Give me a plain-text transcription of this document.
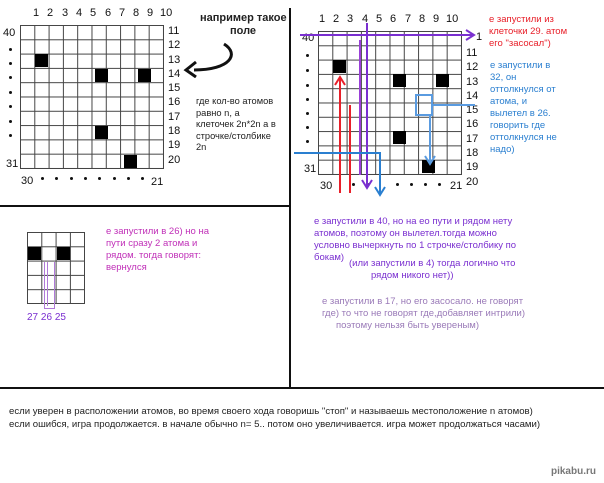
1 2 3 4 5 6 7 8 9 10
11
12
13
14
15
16
17
18
19
20
40
31
30	21
например такое
поле
где кол-во атомов
равно n, а
клеточек 2n*2n а в
строчке/столбике
2n
1 2 3 4 5 6 7 8 9 10
11
12
13
14
15
16
17
18
19
20
40
31
30	21
1
е запустили из
клеточки 29. атом
его "засосал")
е запустили в
32, он
оттолкнулся от
атома, и
вылетел в 26.
говорить где
оттолкнулся не
надо)
27 26 25
е запустили в 26) но на
пути сразу 2 атома и
рядом. тогда говорят:
вернулся
е запустили в 40, но на ео пути и рядом нету
атомов, поэтому он вылетел.тогда можно
условно вычеркнуть по 1 строчке/столбику по
бокам)
(или запустили в 4) тогда логично что
рядом никого нет))
е запустили в 17, но его засосало. не говорят
где) то что не говорят где,добавляет интрили)
поэтому нельзя быть увереным)
если уверен в расположении атомов, во время своего хода говоришь "стоп" и называешь местоположение n атомов)
если ошибся, игра продолжается. в начале обычно n= 5.. потом оно увеличивается. игра может продолжаться часами)
pikabu.ru
